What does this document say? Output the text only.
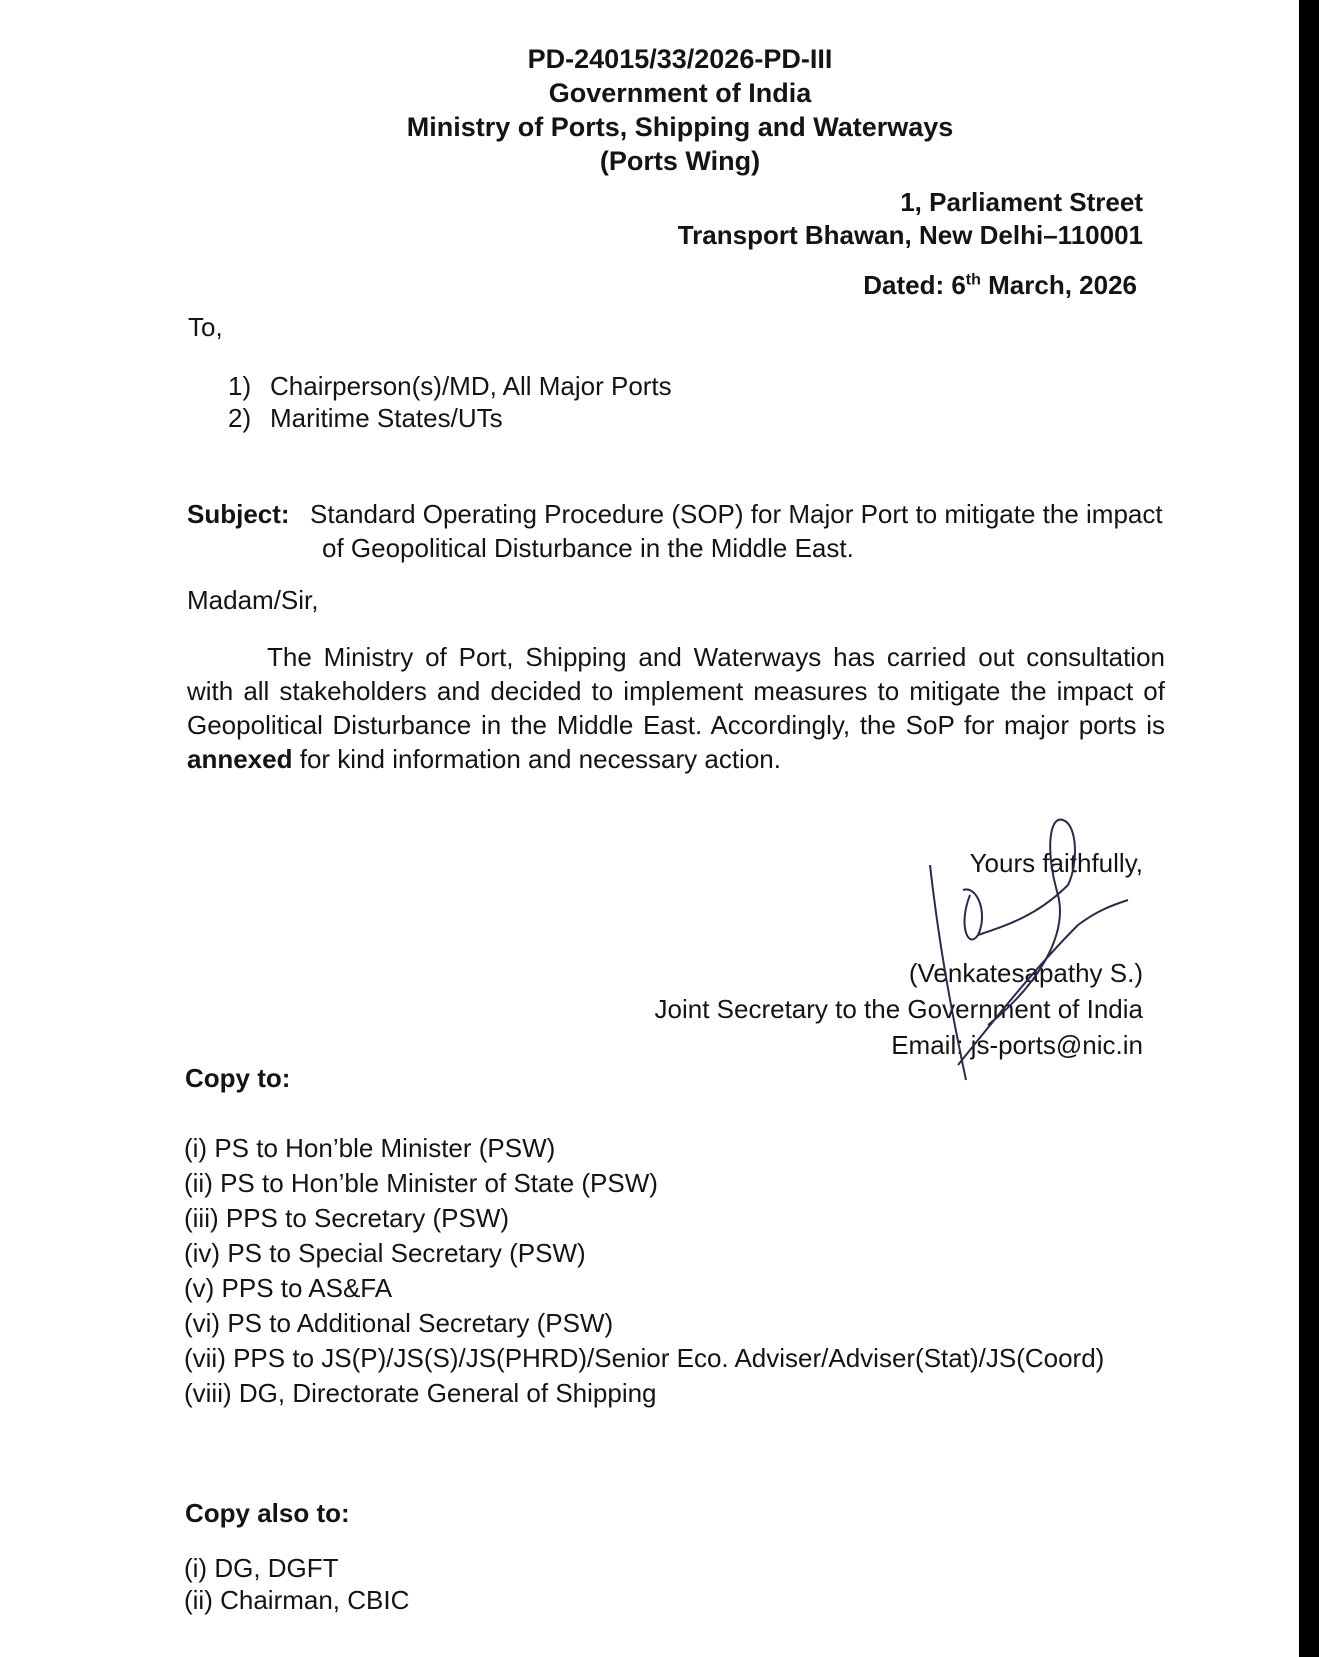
PD-24015/33/2026-PD-III
Government of India
Ministry of Ports, Shipping and Waterways
(Ports Wing)
1, Parliament Street
Transport Bhawan, New Delhi–110001
Dated: 6th March, 2026
To,
1) Chairperson(s)/MD, All Major Ports
2) Maritime States/UTs
Subject: Standard Operating Procedure (SOP) for Major Port to mitigate the impact of Geopolitical Disturbance in the Middle East.
Madam/Sir,
The Ministry of Port, Shipping and Waterways has carried out consultation with all stakeholders and decided to implement measures to mitigate the impact of Geopolitical Disturbance in the Middle East. Accordingly, the SoP for major ports is annexed for kind information and necessary action.
Yours faithfully,
(Venkatesapathy S.)
Joint Secretary to the Government of India
Email: js-ports@nic.in
Copy to:
(i) PS to Hon’ble Minister (PSW)
(ii) PS to Hon’ble Minister of State (PSW)
(iii) PPS to Secretary (PSW)
(iv) PS to Special Secretary (PSW)
(v) PPS to AS&FA
(vi) PS to Additional Secretary (PSW)
(vii) PPS to JS(P)/JS(S)/JS(PHRD)/Senior Eco. Adviser/Adviser(Stat)/JS(Coord)
(viii) DG, Directorate General of Shipping
Copy also to:
(i) DG, DGFT
(ii) Chairman, CBIC
